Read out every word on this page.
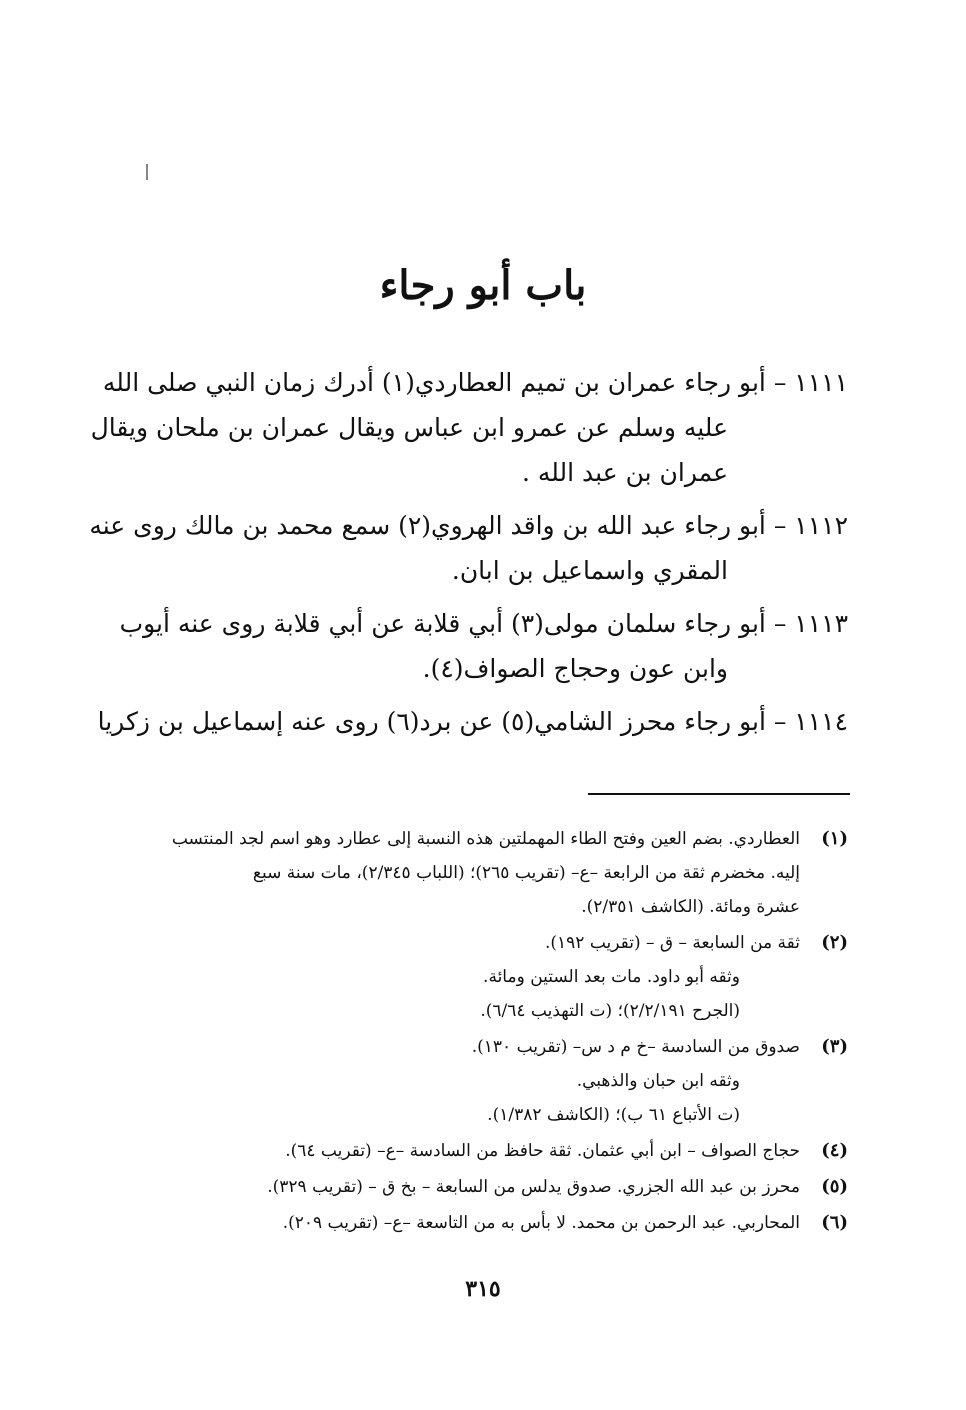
باب أبو رجاء
١١١١ – أبو رجاء عمران بن تميم العطاردي(١) أدرك زمان النبي صلى الله
عليه وسلم عن عمرو ابن عباس ويقال عمران بن ملحان ويقال
عمران بن عبد الله .
١١١٢ – أبو رجاء عبد الله بن واقد الهروي(٢) سمع محمد بن مالك روى عنه
المقري واسماعيل بن ابان.
١١١٣ – أبو رجاء سلمان مولى(٣) أبي قلابة عن أبي قلابة روى عنه أيوب
وابن عون وحجاج الصواف(٤).
١١١٤ – أبو رجاء محرز الشامي(٥) عن برد(٦) روى عنه إسماعيل بن زكريا
(١)
العطاردي. بضم العين وفتح الطاء المهملتين هذه النسبة إلى عطارد وهو اسم لجد المنتسب
إليه. مخضرم ثقة من الرابعة –ع– (تقريب ٢٦٥)؛ (اللباب ٢/٣٤٥)، مات سنة سبع
عشرة ومائة. (الكاشف ٢/٣٥١).
(٢)
ثقة من السابعة – ق – (تقريب ١٩٢).
وثقه أبو داود. مات بعد الستين ومائة.
(الجرح ٢/٢/١٩١)؛ (ت التهذيب ٦/٦٤).
(٣)
صدوق من السادسة –خ م د س– (تقريب ١٣٠).
وثقه ابن حبان والذهبي.
(ت الأتباع ٦١ ب)؛ (الكاشف ١/٣٨٢).
(٤)
حجاج الصواف – ابن أبي عثمان. ثقة حافظ من السادسة –ع– (تقريب ٦٤).
(٥)
محرز بن عبد الله الجزري. صدوق يدلس من السابعة – بخ ق – (تقريب ٣٢٩).
(٦)
المحاربي. عبد الرحمن بن محمد. لا بأس به من التاسعة –ع– (تقريب ٢٠٩).
٣١٥
